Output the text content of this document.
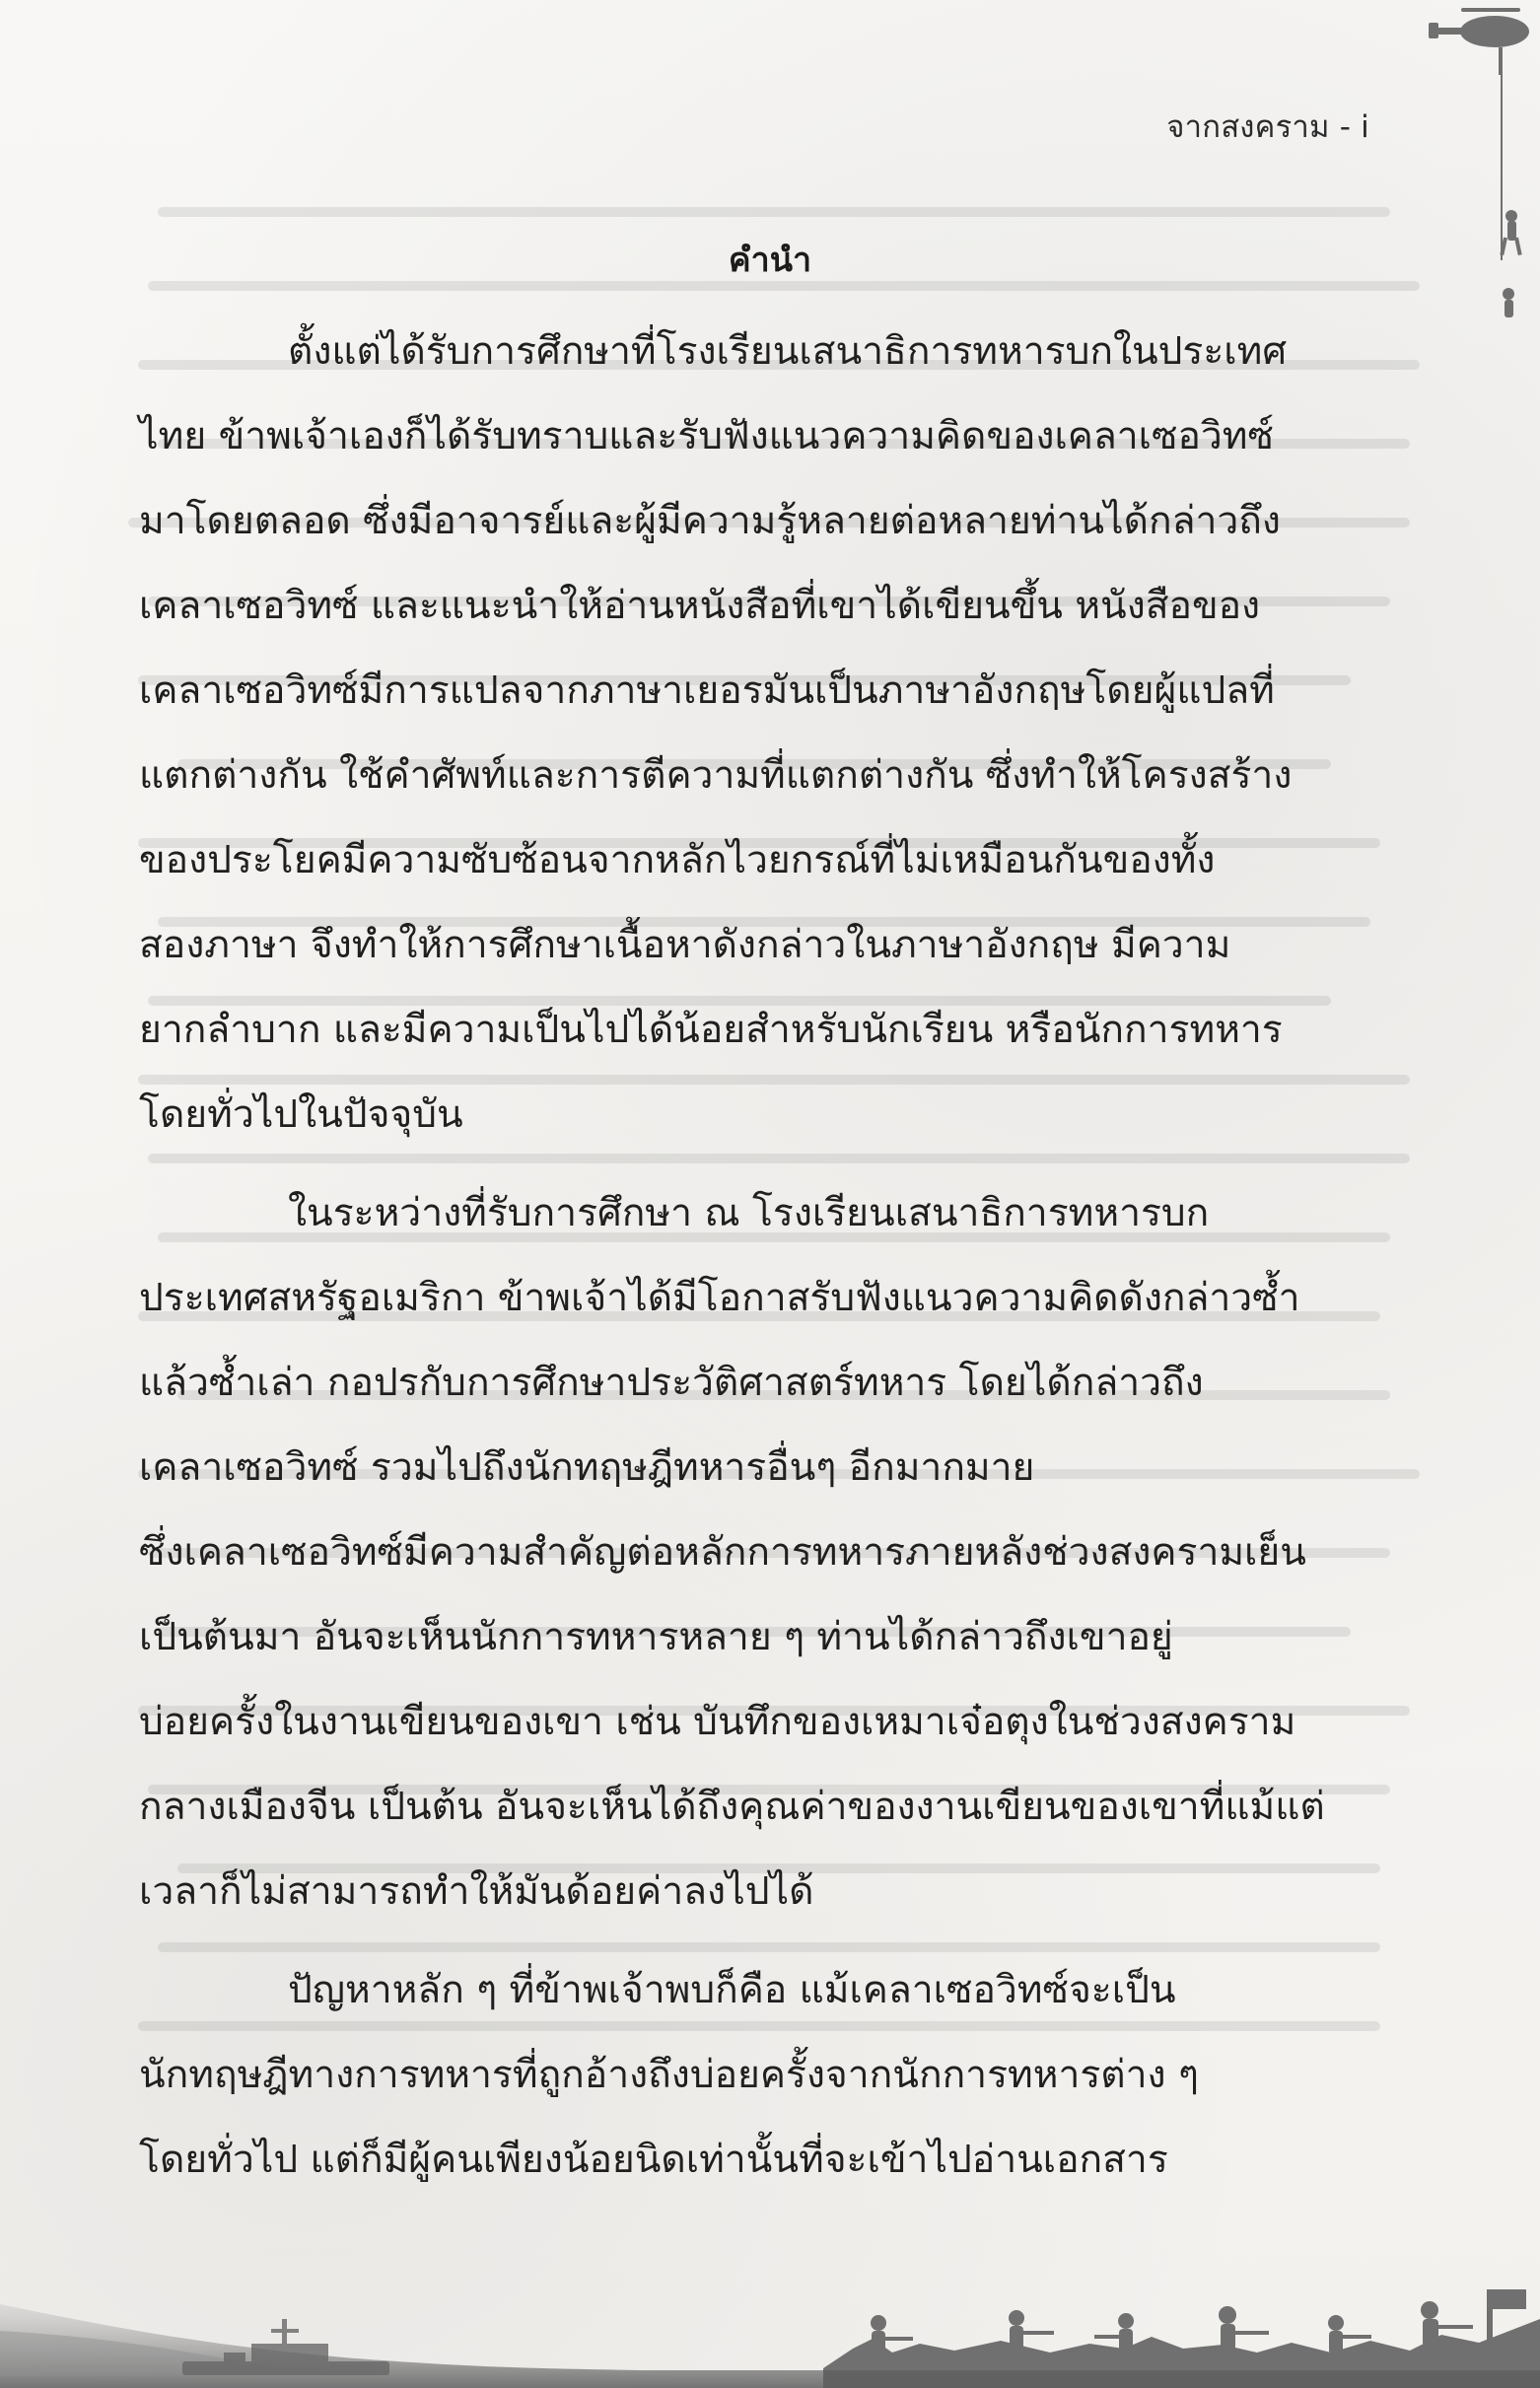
จากสงคราม - i
คำนำ
ตั้งแต่ได้รับการศึกษาที่โรงเรียนเสนาธิการทหารบกในประเทศ
ไทย ข้าพเจ้าเองก็ได้รับทราบและรับฟังแนวความคิดของเคลาเซอวิทซ์
มาโดยตลอด ซึ่งมีอาจารย์และผู้มีความรู้หลายต่อหลายท่านได้กล่าวถึง
เคลาเซอวิทซ์ และแนะนำให้อ่านหนังสือที่เขาได้เขียนขึ้น หนังสือของ
เคลาเซอวิทซ์มีการแปลจากภาษาเยอรมันเป็นภาษาอังกฤษโดยผู้แปลที่
แตกต่างกัน ใช้คำศัพท์และการตีความที่แตกต่างกัน ซึ่งทำให้โครงสร้าง
ของประโยคมีความซับซ้อนจากหลักไวยกรณ์ที่ไม่เหมือนกันของทั้ง
สองภาษา จึงทำให้การศึกษาเนื้อหาดังกล่าวในภาษาอังกฤษ มีความ
ยากลำบาก และมีความเป็นไปได้น้อยสำหรับนักเรียน หรือนักการทหาร
โดยทั่วไปในปัจจุบัน
ในระหว่างที่รับการศึกษา ณ โรงเรียนเสนาธิการทหารบก
ประเทศสหรัฐอเมริกา ข้าพเจ้าได้มีโอกาสรับฟังแนวความคิดดังกล่าวซ้ำ
แล้วซ้ำเล่า กอปรกับการศึกษาประวัติศาสตร์ทหาร โดยได้กล่าวถึง
เคลาเซอวิทซ์ รวมไปถึงนักทฤษฎีทหารอื่นๆ อีกมากมาย
ซึ่งเคลาเซอวิทซ์มีความสำคัญต่อหลักการทหารภายหลังช่วงสงครามเย็น
เป็นต้นมา อันจะเห็นนักการทหารหลาย ๆ ท่านได้กล่าวถึงเขาอยู่
บ่อยครั้งในงานเขียนของเขา เช่น บันทึกของเหมาเจ๋อตุงในช่วงสงคราม
กลางเมืองจีน เป็นต้น อันจะเห็นได้ถึงคุณค่าของงานเขียนของเขาที่แม้แต่
เวลาก็ไม่สามารถทำให้มันด้อยค่าลงไปได้
ปัญหาหลัก ๆ ที่ข้าพเจ้าพบก็คือ แม้เคลาเซอวิทซ์จะเป็น
นักทฤษฎีทางการทหารที่ถูกอ้างถึงบ่อยครั้งจากนักการทหารต่าง ๆ
โดยทั่วไป แต่ก็มีผู้คนเพียงน้อยนิดเท่านั้นที่จะเข้าไปอ่านเอกสาร
